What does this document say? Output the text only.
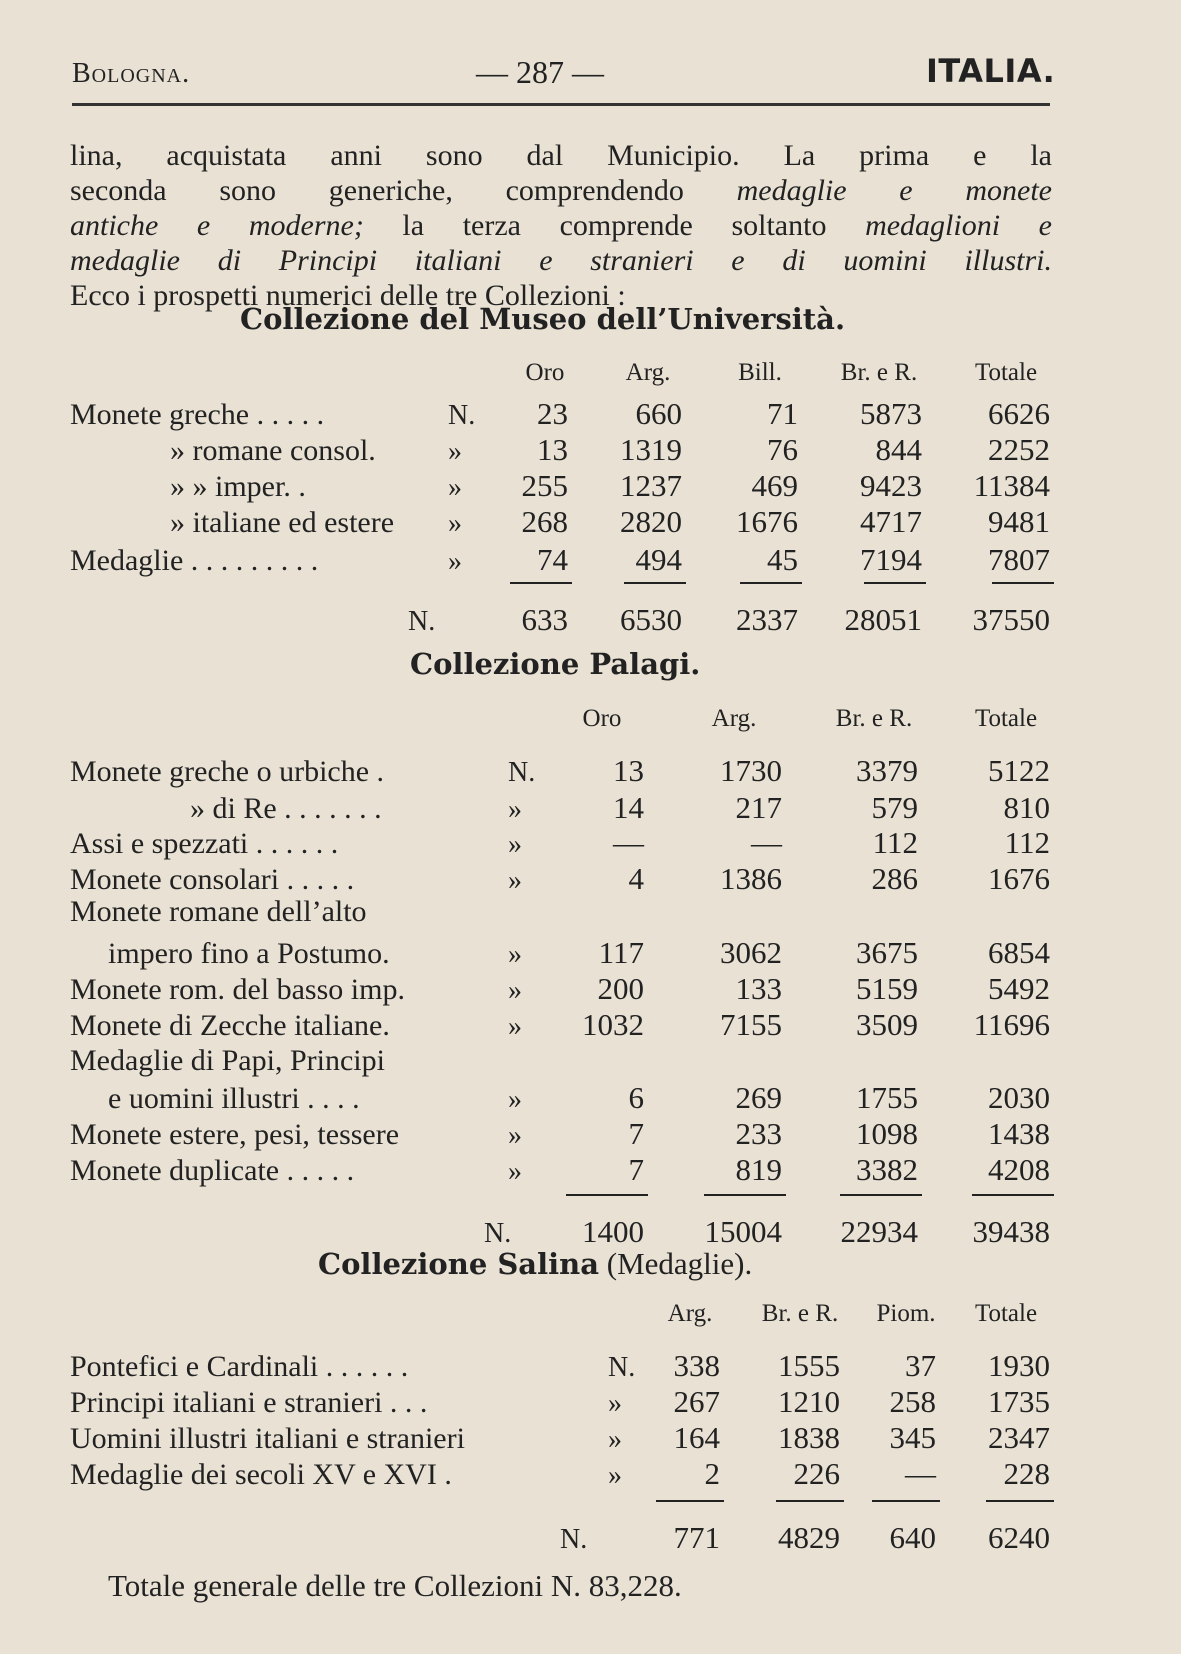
Bologna.	— 287 —	ITALIA.
lina, acquistata anni sono dal Municipio. La prima e la
seconda sono generiche, comprendendo medaglie e monete
antiche e moderne; la terza comprende soltanto medaglioni e
medaglie di Principi italiani e stranieri e di uomini illustri.
Ecco i prospetti numerici delle tre Collezioni :
Collezione del Museo dell’Università.
Oro	Arg.	Bill.	Br. e R.	Totale
Monete greche . . . . .	N.	23	660	71	5873	6626
» romane consol.	»	13	1319	76	844	2252
» » imper. .	»	255	1237	469	9423	11384
» italiane ed estere »	268	2820	1676	4717	9481
Medaglie . . . . . . . . .	»	74	494	45	7194	7807
N.	633	6530	2337	28051	37550
Collezione Palagi.
Oro	Arg.	Br. e R.	Totale
Monete greche o urbiche .	N.	13	1730	3379	5122
» di Re . . . . . . .	»	14	217	579	810
Assi e spezzati . . . . . .	»	—	—	112	112
Monete consolari . . . . .	»	4	1386	286	1676
Monete romane dell’alto
impero fino a Postumo.	»	117	3062	3675	6854
Monete rom. del basso imp.	»	200	133	5159	5492
Monete di Zecche italiane.	»	1032	7155	3509	11696
Medaglie di Papi, Principi
e uomini illustri . . . .	»	6	269	1755	2030
Monete estere, pesi, tessere	»	7	233	1098	1438
Monete duplicate . . . . .	»	7	819	3382	4208
N.	1400	15004	22934	39438
Collezione Salina (Medaglie).
Arg.	Br. e R.	Piom.	Totale
Pontefici e Cardinali . . . . . .	N.	338	1555	37	1930
Principi italiani e stranieri . . .	»	267	1210	258	1735
Uomini illustri italiani e stranieri	»	164	1838	345	2347
Medaglie dei secoli XV e XVI .	»	2	226	—	228
N.	771	4829	640	6240
Totale generale delle tre Collezioni N. 83,228.
